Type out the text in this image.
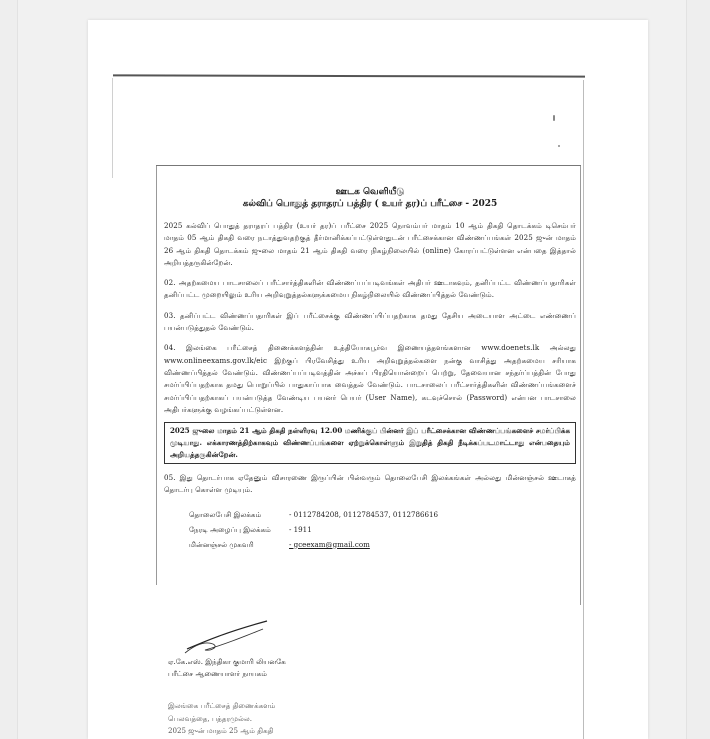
ஊடக வெளியீடு

கல்விப் பொதுத் தராதரப் பத்திர ( உயர் தர)ப் பரீட்சை - 2025

2025 கல்விப் பொதுத் தராதரப் பத்திர (உயர் தர)ப் பரீட்சை 2025 நொவம்பர் மாதம் 10 ஆம் திகதி தொடக்கம் டிசெம்பர் மாதம் 05 ஆம் திகதி வரை நடாத்துவதற்குத் தீர்மானிக்கப்பட்டுள்ளதுடன் பரீட்சைக்கான விண்ணப்பங்கள் 2025 ஜுன் மாதம் 26 ஆம் திகதி தொடக்கம் ஜுலை மாதம் 21 ஆம் திகதி வரை நிகழ்நிலையில் (online) கோரப்பட்டுள்ளன என்பதை இத்தால் அறியத்தருகின்றேன்.

02. அதற்கமைய பாடசாலைப் பரீட்சார்த்திகளின் விண்ணப்பப்படிவங்கள் அதிபர் ஊடாகவும், தனிப்பட்ட விண்ணப்பதாரிகள் தனிப்பட்ட முறையிலும் உரிய அறிவுறுத்தல்களுக்கமைய நிகழ்நிலையில் விண்ணப்பித்தல் வேண்டும்.

03. தனிப்பட்ட விண்ணப்பதாரிகள் இப் பரீட்சைக்கு விண்ணப்பிப்பதற்காக தமது தேசிய அடையாள அட்டை எண்ணைப் பயன்படுத்துதல் வேண்டும்.

04. இலங்கை பரீட்சைத் திணைக்களத்தின் உத்தியோகபூர்வ இணையத்தளங்களான www.doenets.lk அல்லது www.onlineexams.gov.lk/eic இற்குப் பிரவேசித்து உரிய அறிவுறுத்தல்களை நன்கு வாசித்து அதற்கமைய சரியாக விண்ணப்பித்தல் வேண்டும். விண்ணப்பப்படிவத்தின் அச்சுப் பிரதியொன்றைப் பெற்று, தேவையான சந்தர்ப்பத்தின் போது சமர்ப்பிப்பதற்காக தமது பொறுப்பில் பாதுகாப்பாக வைத்தல் வேண்டும். பாடசாலைப் பரீட்சார்த்திகளின் விண்ணப்பங்களைச் சமர்ப்பிப்பதற்காகப் பயன்படுத்த வேண்டிய பயனர் பெயர் (User Name), கடவுச்சொல் (Password) என்பன பாடசாலை அதிபர்களுக்கு வழங்கப்பட்டுள்ளன.

2025 ஜுலை மாதம் 21 ஆம் திகதி நள்ளிரவு 12.00 மணிக்குப் பின்னர் இப் பரீட்சைக்கான விண்ணப்பங்களைச் சமர்ப்பிக்க முடியாது. எக்காரணத்திற்காகவும் விண்ணப்பங்களை ஏற்றுக்கொள்ளும் இறுதித் திகதி நீடிக்கப்படமாட்டாது என்பதையும் அறியத்தருகின்றேன்.

05. இது தொடர்பாக ஏதேனும் விசாரணை இருப்பின் பின்வரும் தொலைபேசி இலக்கங்கள் அல்லது மின்னஞ்சல் ஊடாகத் தொடர்பு கொள்ள முடியும்.

தொலைபேசி இலக்கம்	- 0112784208, 0112784537, 0112786616
நேரடி அழைப்பு இலக்கம்	- 1911
மின்னஞ்சல் முகவரி	- gceexam@gmail.com
ஏ.கே.எஸ். இந்திகா குமாரி லியனகே
பரீட்சை ஆணையாளர் நாயகம்
இலங்கை பரீட்சைத் திணைக்களம்
பெலவத்தை, பத்தரமுல்ல.
2025 ஜுன் மாதம் 25 ஆம் திகதி
